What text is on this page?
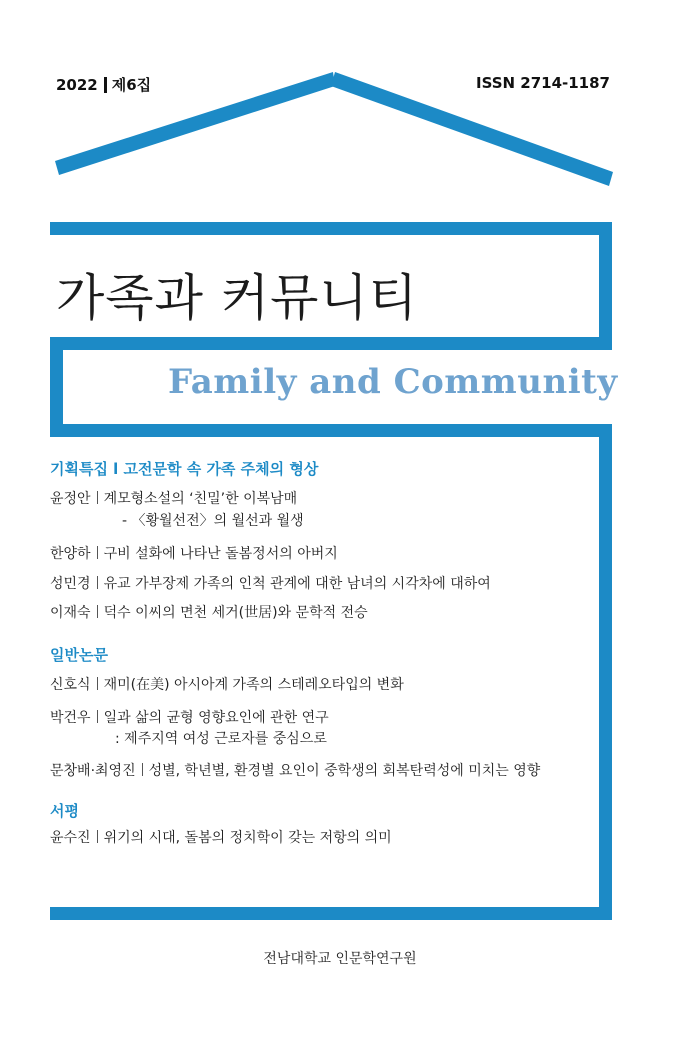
2022 제6집	ISSN 2714-1187
가족과 커뮤니티
Family and Community
기획특집 l 고전문학 속 가족 주체의 형상
윤정안 계모형소설의 ‘친밀’한 이복남매
- 〈황월선전〉의 월선과 월생
한양하 구비 설화에 나타난 돌봄정서의 아버지
성민경 유교 가부장제 가족의 인척 관계에 대한 남녀의 시각차에 대하여
이재숙 덕수 이씨의 면천 세거(世居)와 문학적 전승
일반논문
신호식 재미(在美) 아시아계 가족의 스테레오타입의 변화
박건우 일과 삶의 균형 영향요인에 관한 연구
: 제주지역 여성 근로자를 중심으로
문창배·최영진 성별, 학년별, 환경별 요인이 중학생의 회복탄력성에 미치는 영향
서평
윤수진 위기의 시대, 돌봄의 정치학이 갖는 저항의 의미
전남대학교 인문학연구원
